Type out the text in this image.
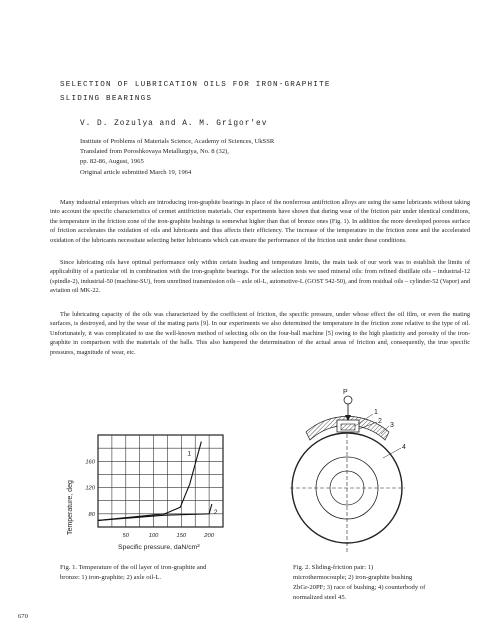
SELECTION OF LUBRICATION OILS FOR IRON-GRAPHITE
SLIDING BEARINGS
V. D. Zozulya and A. M. Grigor'ev
Institute of Problems of Materials Science, Academy of Sciences, UkSSR
Translated from Poroshkovaya Metallurgiya, No. 8 (32),
pp. 82-86, August, 1965
Original article submitted March 19, 1964
Many industrial enterprises which are introducing iron-graphite bearings in place of the nonferrous antifriction alloys are using the same lubricants without taking into account the specific characteristics of cermet antifriction materials. Our experiments have shown that during wear of the friction pair under identical conditions, the temperature in the friction zone of the iron-graphite bushings is somewhat higher than that of bronze ones (Fig. 1). In addition the more developed porous surface of friction accelerates the oxidation of oils and lubricants and thus affects their efficiency. The increase of the temperature in the friction zone and the accelerated oxidation of the lubricants necessitate selecting better lubricants which can ensure the performance of the friction unit under these conditions.
Since lubricating oils have optimal performance only within certain loading and temperature limits, the main task of our work was to establish the limits of applicability of a particular oil in combination with the iron-graphite bearings. For the selection tests we used mineral oils: from refined distillate oils – industrial-12 (spindle-2), industrial-50 (machine-SU), from unrefined transmission oils – axle oil-L, automotive-L (GOST 542-50), and from residual oils – cylinder-52 (Vapor) and aviation oil MK-22.
The lubricating capacity of the oils was characterized by the coefficient of friction, the specific pressure, under whose effect the oil film, or even the mating surfaces, is destroyed, and by the wear of the mating parts [9]. In our experiments we also determined the temperature in the friction zone relative to the type of oil. Unfortunately, it was complicated to use the well-known method of selecting oils on the four-ball machine [5] owing to the high plasticity and porosity of the iron-graphite in comparison with the materials of the balls. This also hampered the determination of the actual areas of friction and, consequently, the true specific pressures, magnitude of wear, etc.
50	100	150	200
80
120
160
1
2
Temperature, deg
Specific pressure, daN/cm²
Fig. 1. Temperature of the oil layer of iron-graphite and bronze: 1) iron-graphite; 2) axle oil-L.
P
1
2
3
4
Fig. 2. Sliding-friction pair: 1) microthermocouple; 2) iron-graphite bushing ZhGr-20PF; 3) race of bushing; 4) counterbody of normalized steel 45.
670
